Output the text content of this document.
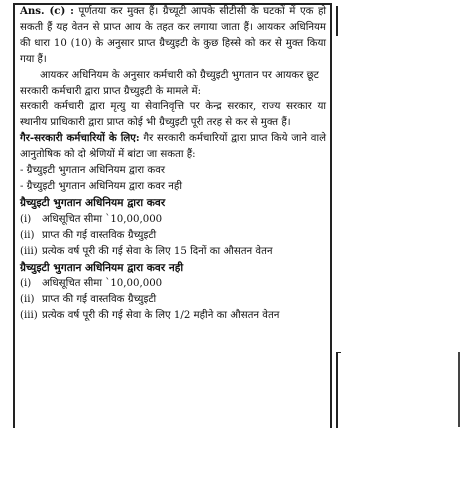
Ans. (c) : पूर्णतया कर मुक्त हैं। ग्रैच्यूटी आपके सीटीसी के घटकों में एक हो सकती हैं यह वेतन से प्राप्त आय के तहत कर लगाया जाता हैं। आयकर अधिनियम की धारा 10 (10) के अनुसार प्राप्त ग्रैच्युइटी के कुछ हिस्से को कर से मुक्त किया गया हैं।

आयकर अधिनियम के अनुसार कर्मचारी को ग्रैच्युइटी भुगतान पर आयकर छूट

सरकारी कर्मचारी द्वारा प्राप्त ग्रैच्युइटी के मामले में:

सरकारी कर्मचारी द्वारा मृत्यु या सेवानिवृत्ति पर केन्द्र सरकार, राज्य सरकार या स्थानीय प्राधिकारी द्वारा प्राप्त कोई भी ग्रैच्युइटी पूरी तरह से कर से मुक्त हैं।

गैर-सरकारी कर्मचारियों के लिए: गैर सरकारी कर्मचारियों द्वारा प्राप्त किये जाने वाले आनुतोषिक को दो श्रेणियों में बांटा जा सकता हैं:

- ग्रैच्युइटी भुगतान अधिनियम द्वारा कवर

- ग्रैच्युइटी भुगतान अधिनियम द्वारा कवर नही

ग्रैच्युइटी भुगतान अधिनियम द्वारा कवर

(i)	अधिसूचित सीमा `10,00,000
(ii) प्राप्त की गई वास्तविक ग्रैच्युइटी
(iii) प्रत्येक वर्ष पूरी की गई सेवा के लिए 15 दिनों का औसतन वेतन

ग्रैच्युइटी भुगतान अधिनियम द्वारा कवर नही

(i)	अधिसूचित सीमा `10,00,000
(ii) प्राप्त की गई वास्तविक ग्रैच्युइटी
(iii) प्रत्येक वर्ष पूरी की गई सेवा के लिए 1/2 महीने का औसतन वेतन
